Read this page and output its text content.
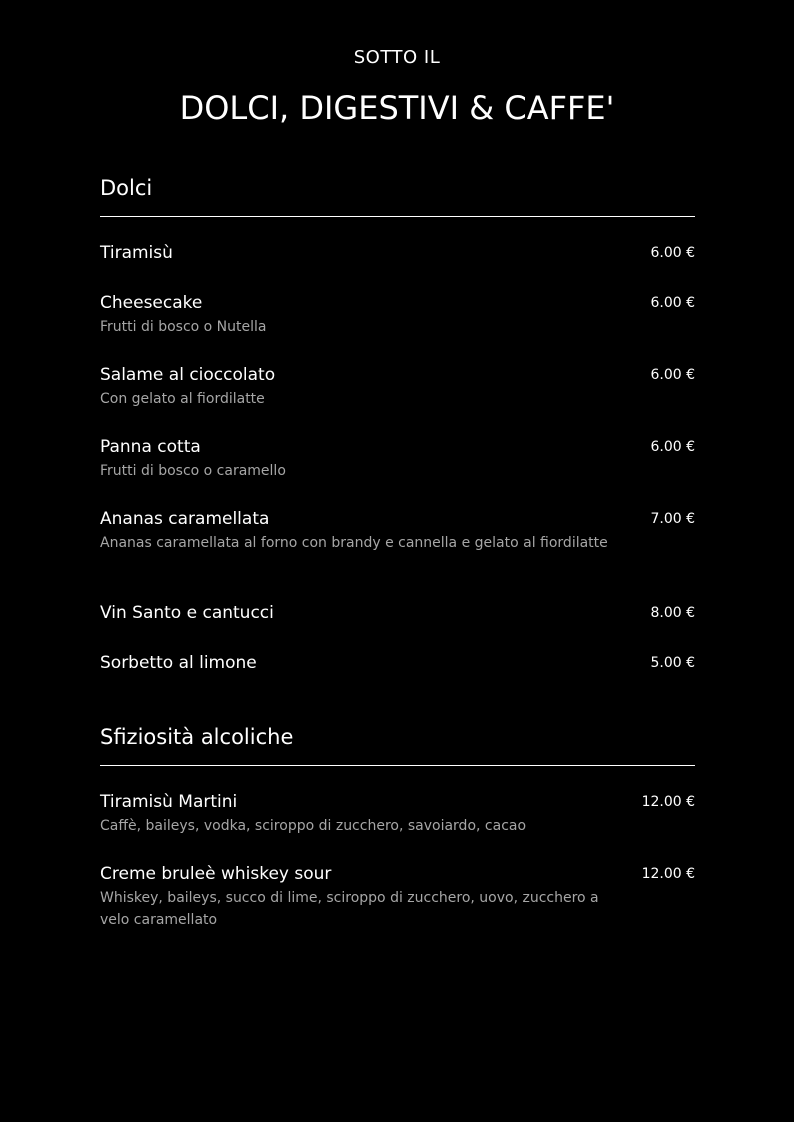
SOTTO IL
DOLCI, DIGESTIVI & CAFFE'
Dolci
Tiramisù	6.00 €
Cheesecake
Frutti di bosco o Nutella
6.00 €
Salame al cioccolato
Con gelato al fiordilatte
6.00 €
Panna cotta
Frutti di bosco o caramello
6.00 €
Ananas caramellata
Ananas caramellata al forno con brandy e cannella e gelato al fiordilatte
7.00 €
Vin Santo e cantucci	8.00 €
Sorbetto al limone	5.00 €
Sfiziosità alcoliche
Tiramisù Martini
Caffè, baileys, vodka, sciroppo di zucchero, savoiardo, cacao
12.00 €
Creme bruleè whiskey sour
Whiskey, baileys, succo di lime, sciroppo di zucchero, uovo, zucchero a velo caramellato
12.00 €
